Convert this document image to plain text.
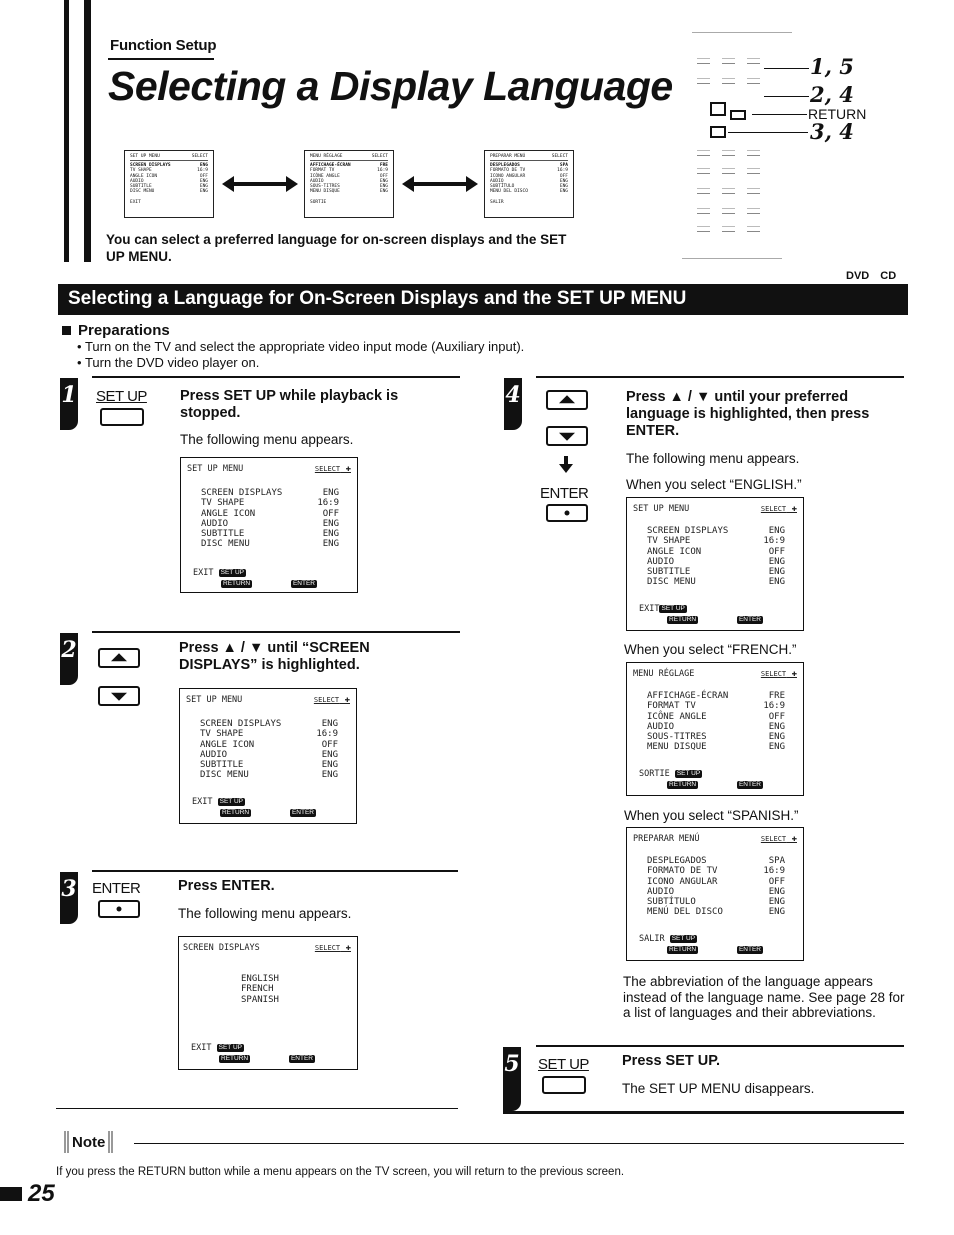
Function Setup
Selecting a Display Language
SET UP MENU	SELECT
SCREEN DISPLAYS	ENG
TV SHAPE	16:9
ANGLE ICON	OFF
AUDIO	ENG
SUBTITLE	ENG
DISC MENU	ENG
EXIT
MENU RÉGLAGE	SELECT
AFFICHAGE-ÉCRAN	FRE
FORMAT TV	16:9
ICÔNE ANGLE	OFF
AUDIO	ENG
SOUS-TITRES	ENG
MENU DISQUE	ENG
SORTIE
PREPARAR MENÚ	SELECT
DESPLEGADOS	SPA
FORMATO DE TV	16:9
ICONO ANGULAR	OFF
AUDIO	ENG
SUBTÍTULO	ENG
MENÚ DEL DISCO	ENG
SALIR
You can select a preferred language for on-screen displays and the SET UP MENU.
1, 5
2, 4
RETURN
3, 4
DVD CD
Selecting a Language for On-Screen Displays and the SET UP MENU
Preparations
• Turn on the TV and select the appropriate video input mode (Auxiliary input).
• Turn the DVD video player on.
1 SET UP Press SET UP while playback is stopped.
The following menu appears.
SET UP MENU	SELECT ✚
SCREEN DISPLAYS	ENG
TV SHAPE	16:9
ANGLE ICON	OFF
AUDIO	ENG
SUBTITLE	ENG
DISC MENU	ENG
EXIT SET UP
RETURN	ENTER
2	Press ▲ / ▼ until “SCREEN DISPLAYS” is highlighted.
SET UP MENU	SELECT ✚
SCREEN DISPLAYS	ENG
TV SHAPE	16:9
ANGLE ICON	OFF
AUDIO	ENG
SUBTITLE	ENG
DISC MENU	ENG
EXIT SET UP
RETURN	ENTER
3 ENTER	Press ENTER.
The following menu appears.
SCREEN DISPLAYS	SELECT ✚
ENGLISH
FRENCH
SPANISH
EXIT SET UP
RETURN	ENTER
4
ENTER
Press ▲ / ▼ until your preferred language is highlighted, then press ENTER.
The following menu appears.
When you select “ENGLISH.”
SET UP MENU	SELECT ✚
SCREEN DISPLAYS	ENG
TV SHAPE	16:9
ANGLE ICON	OFF
AUDIO	ENG
SUBTITLE	ENG
DISC MENU	ENG
EXIT SET UP
RETURN	ENTER
When you select “FRENCH.”
MENU RÉGLAGE	SELECT ✚
AFFICHAGE-ÉCRAN	FRE
FORMAT TV	16:9
ICÔNE ANGLE	OFF
AUDIO	ENG
SOUS-TITRES	ENG
MENU DISQUE	ENG
SORTIE SET UP
RETURN	ENTER
When you select “SPANISH.”
PREPARAR MENÚ	SELECT ✚
DESPLEGADOS	SPA
FORMATO DE TV	16:9
ICONO ANGULAR	OFF
AUDIO	ENG
SUBTÍTULO	ENG
MENÚ DEL DISCO	ENG
SALIR SET UP
RETURN	ENTER
The abbreviation of the language appears instead of the language name. See page 28 for a list of languages and their abbreviations.
5 SET UP Press SET UP.
The SET UP MENU disappears.
Note
If you press the RETURN button while a menu appears on the TV screen, you will return to the previous screen.
25
